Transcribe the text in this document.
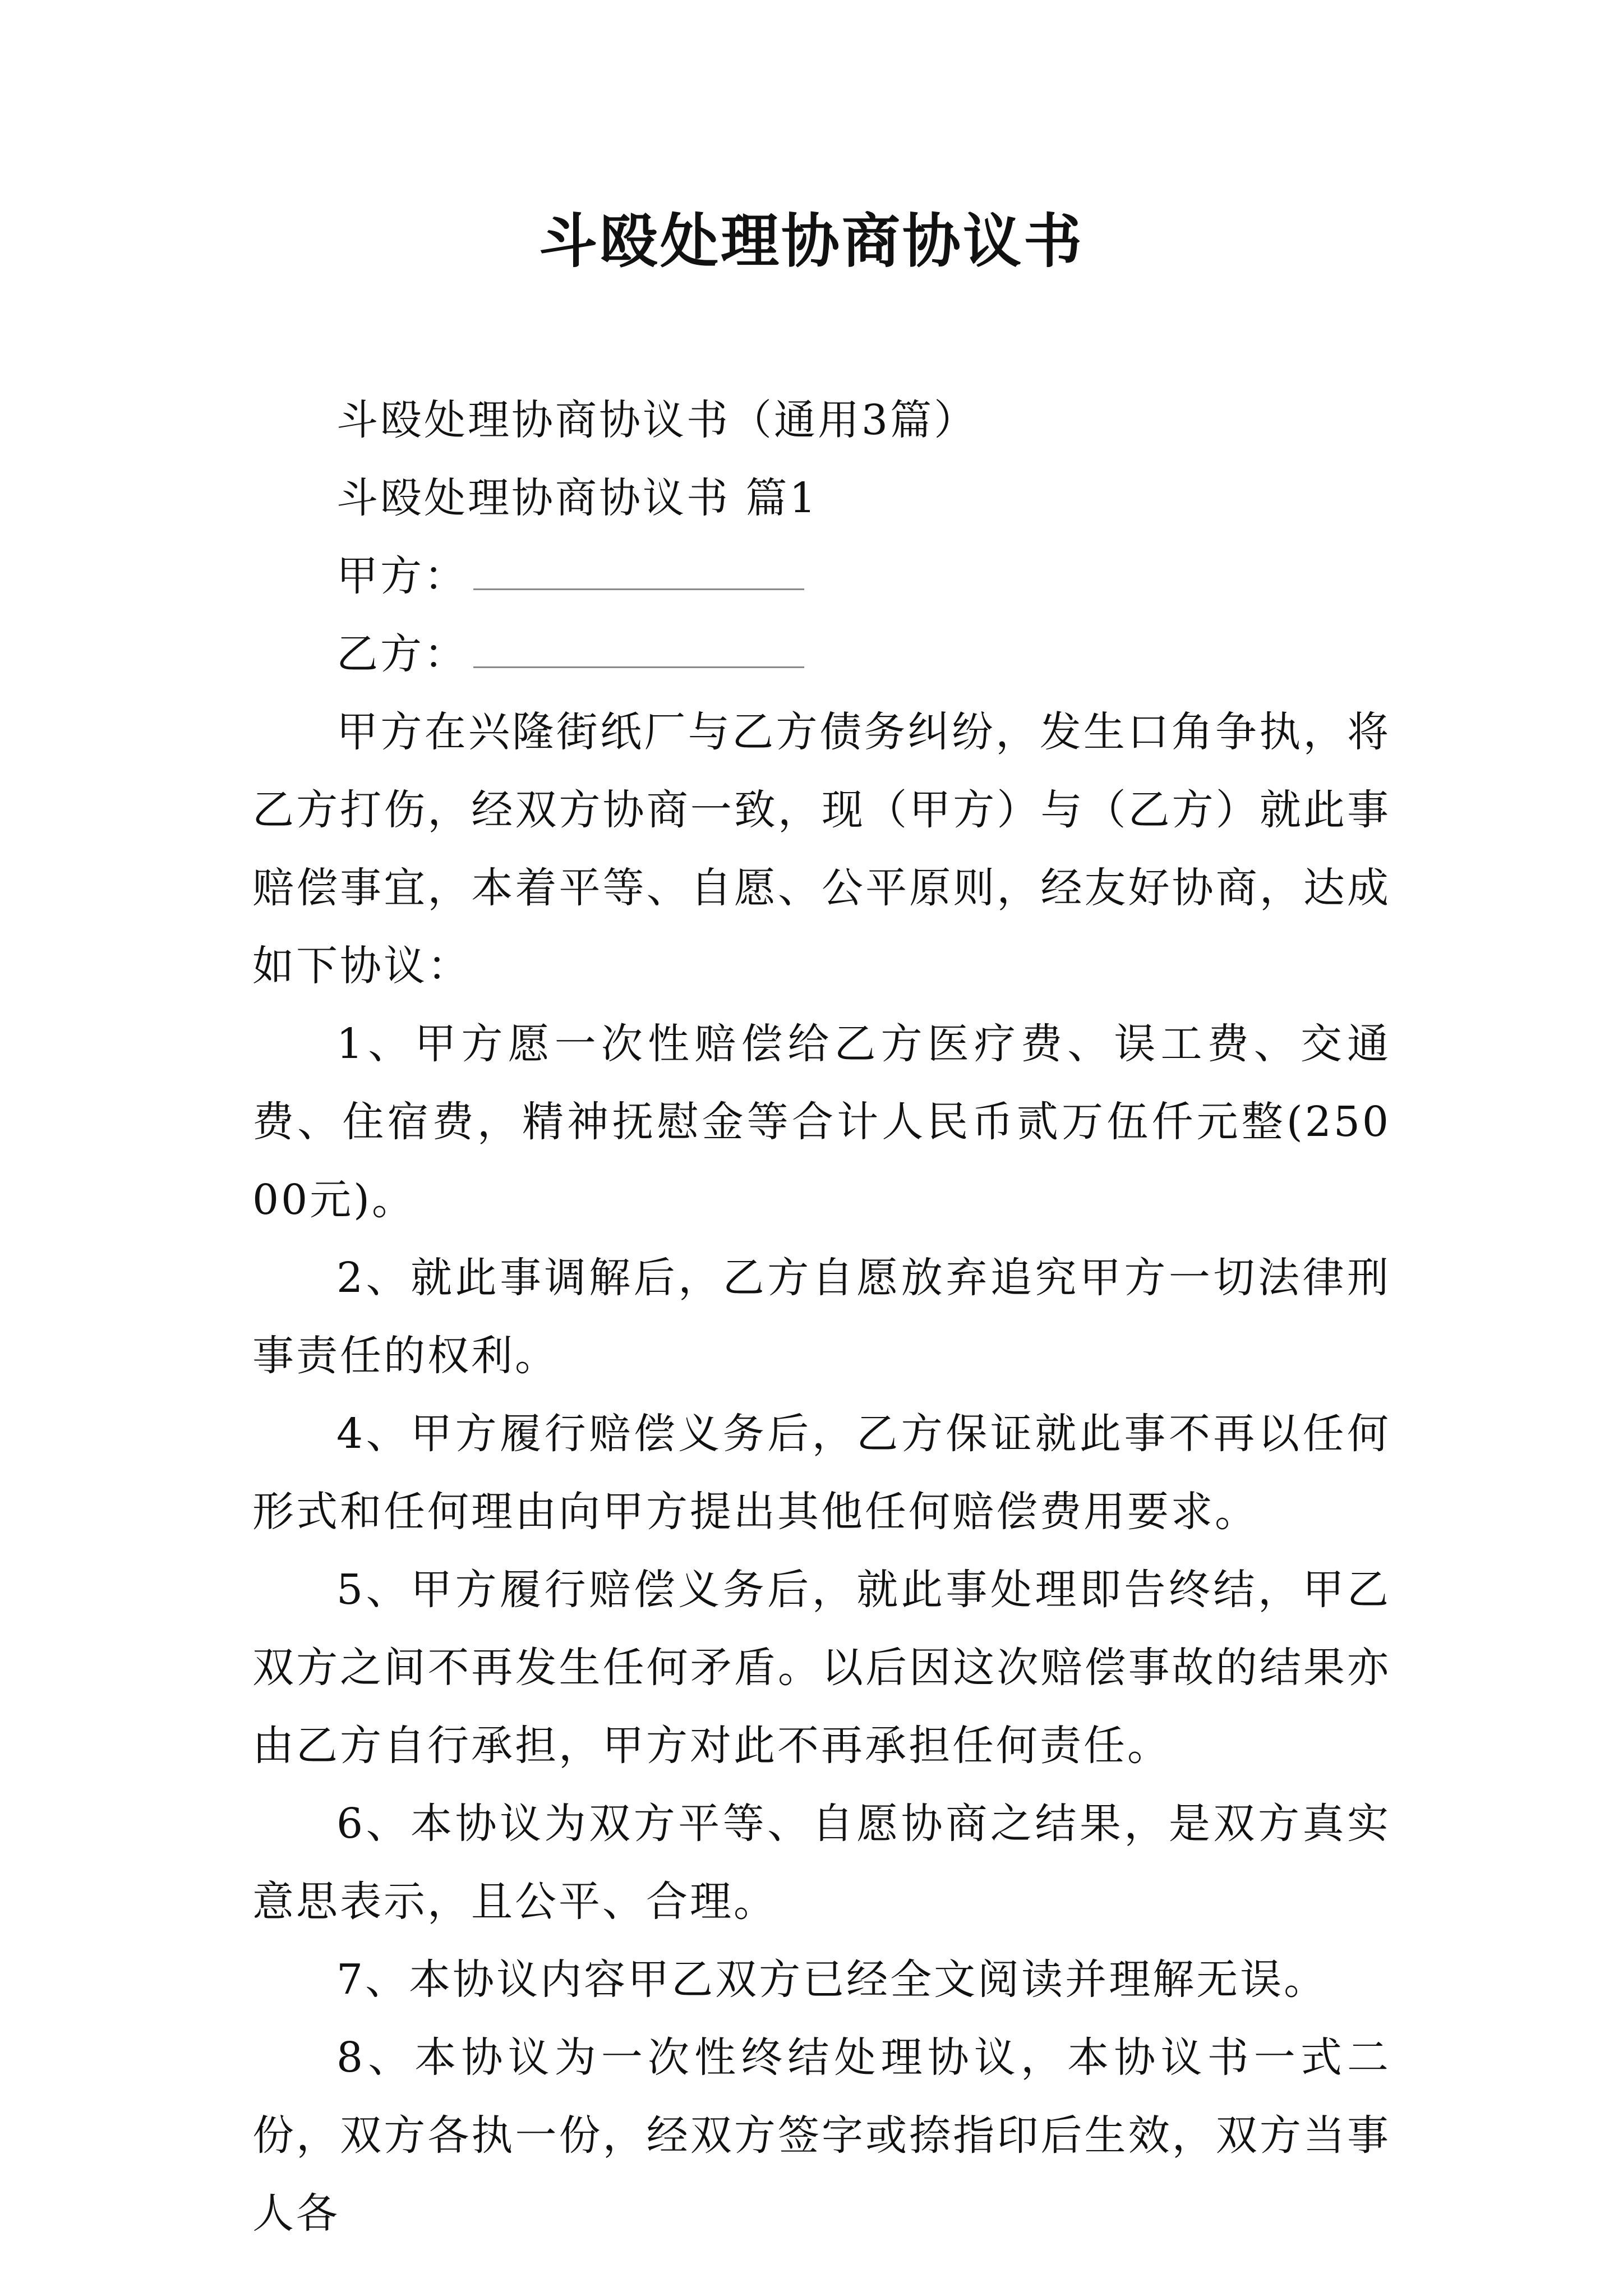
斗殴处理协商协议书

斗殴处理协商协议书（通用3篇）

斗殴处理协商协议书 篇1

甲方：

乙方：

甲方在兴隆街纸厂与乙方债务纠纷，发生口角争执，将乙方打伤，经双方协商一致，现（甲方）与（乙方）就此事赔偿事宜，本着平等、自愿、公平原则，经友好协商，达成如下协议：

1、甲方愿一次性赔偿给乙方医疗费、误工费、交通费、住宿费，精神抚慰金等合计人民币贰万伍仟元整(25000元)。

2、就此事调解后，乙方自愿放弃追究甲方一切法律刑事责任的权利。

4、甲方履行赔偿义务后，乙方保证就此事不再以任何形式和任何理由向甲方提出其他任何赔偿费用要求。

5、甲方履行赔偿义务后，就此事处理即告终结，甲乙双方之间不再发生任何矛盾。以后因这次赔偿事故的结果亦由乙方自行承担，甲方对此不再承担任何责任。

6、本协议为双方平等、自愿协商之结果，是双方真实意思表示，且公平、合理。

7、本协议内容甲乙双方已经全文阅读并理解无误。

8、本协议为一次性终结处理协议，本协议书一式二份，双方各执一份，经双方签字或捺指印后生效，双方当事人各
